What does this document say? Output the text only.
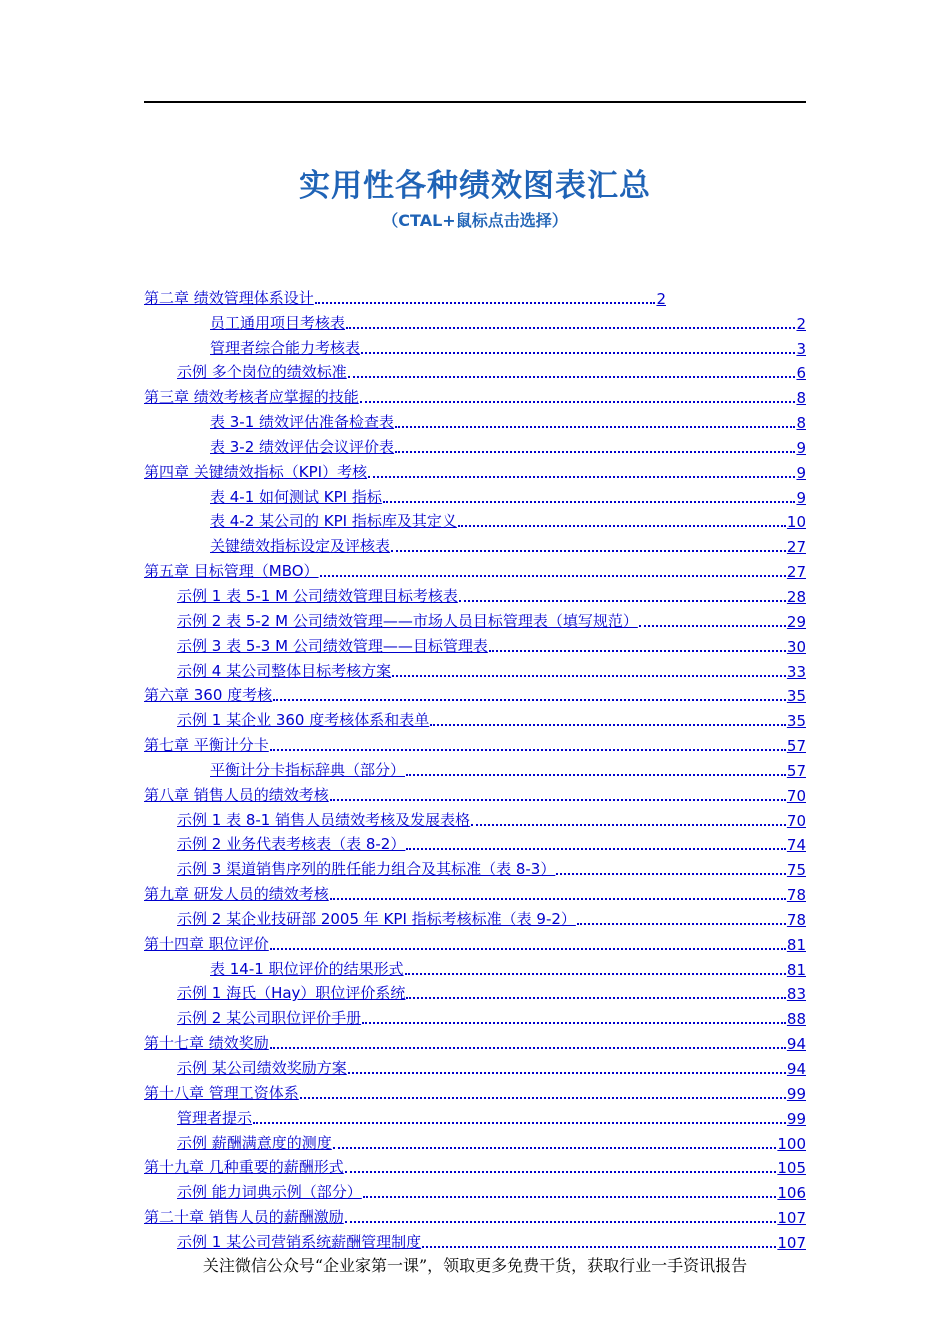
实用性各种绩效图表汇总
（CTAL+鼠标点击选择）
第二章 绩效管理体系设计	2
员工通用项目考核表	2
管理者综合能力考核表	3
示例 多个岗位的绩效标准	6
第三章 绩效考核者应掌握的技能	8
表 3-1 绩效评估准备检查表	8
表 3-2 绩效评估会议评价表	9
第四章 关键绩效指标（KPI）考核	9
表 4-1 如何测试 KPI 指标	9
表 4-2 某公司的 KPI 指标库及其定义	10
关键绩效指标设定及评核表	27
第五章 目标管理（MBO）	27
示例 1 表 5-1 M 公司绩效管理目标考核表	28
示例 2 表 5-2 M 公司绩效管理——市场人员目标管理表（填写规范）	29
示例 3 表 5-3 M 公司绩效管理——目标管理表	30
示例 4 某公司整体目标考核方案	33
第六章 360 度考核	35
示例 1 某企业 360 度考核体系和表单	35
第七章 平衡计分卡	57
平衡计分卡指标辞典（部分）	57
第八章 销售人员的绩效考核	70
示例 1 表 8-1 销售人员绩效考核及发展表格	70
示例 2 业务代表考核表（表 8-2）	74
示例 3 渠道销售序列的胜任能力组合及其标准（表 8-3）	75
第九章 研发人员的绩效考核	78
示例 2 某企业技研部 2005 年 KPI 指标考核标准（表 9-2）	78
第十四章 职位评价	81
表 14-1 职位评价的结果形式	81
示例 1 海氏（Hay）职位评价系统	83
示例 2 某公司职位评价手册	88
第十七章 绩效奖励	94
示例 某公司绩效奖励方案	94
第十八章 管理工资体系	99
管理者提示	99
示例 薪酬满意度的测度	100
第十九章 几种重要的薪酬形式	105
示例 能力词典示例（部分）	106
第二十章 销售人员的薪酬激励	107
示例 1 某公司营销系统薪酬管理制度	107
关注微信公众号“企业家第一课”，领取更多免费干货，获取行业一手资讯报告
